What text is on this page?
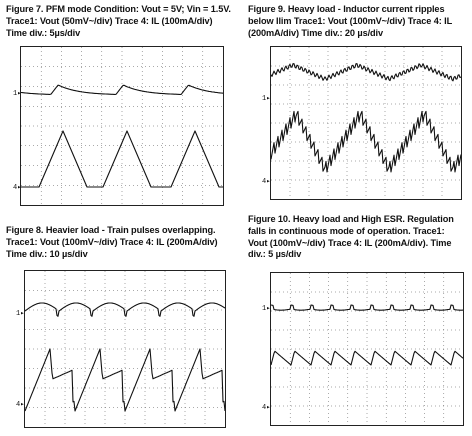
Figure 7. PFM mode Condition: Vout = 5V; Vin = 1.5V.
Trace1: Vout (50mV~/div) Trace 4: IL (100mA/div)
Time div.: 5µs/div
1▸
4▸
Figure 9. Heavy load - Inductor current ripples
below Ilim Trace1: Vout (100mV~/div) Trace 4: IL
(200mA/div) Time div.: 20 µs/div
1▸
4▸
Figure 8. Heavier load - Train pulses overlapping.
Trace1: Vout (100mV~/div) Trace 4: IL (200mA/div)
Time div.: 10 µs/div
1▸
4▸
Figure 10. Heavy load and High ESR. Regulation
falls in continuous mode of operation. Trace1:
Vout (100mV~/div) Trace 4: IL (200mA/div). Time
div.: 5 µs/div
1▸
4▸
